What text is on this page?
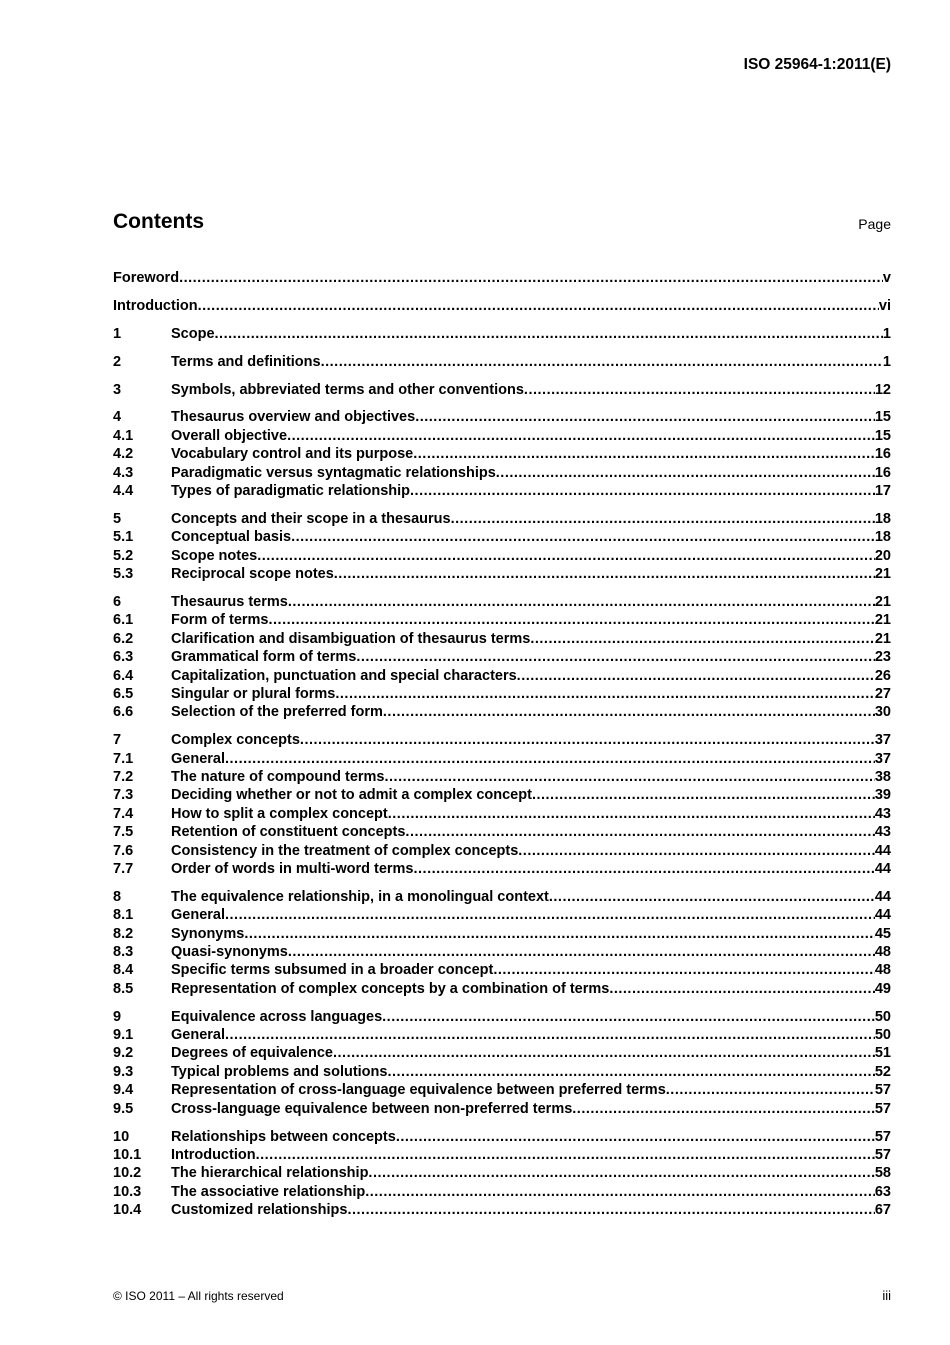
ISO 25964-1:2011(E)
Contents	Page
Foreword .....	v
Introduction .....	vi
1	Scope .....	1
2	Terms and definitions .....	1
3	Symbols, abbreviated terms and other conventions .....	12
4	Thesaurus overview and objectives .....	15
4.1	Overall objective .....	15
4.2	Vocabulary control and its purpose .....	16
4.3	Paradigmatic versus syntagmatic relationships .....	16
4.4	Types of paradigmatic relationship .....	17
5	Concepts and their scope in a thesaurus .....	18
5.1	Conceptual basis .....	18
5.2	Scope notes .....	20
5.3	Reciprocal scope notes .....	21
6	Thesaurus terms .....	21
6.1	Form of terms .....	21
6.2	Clarification and disambiguation of thesaurus terms .....	21
6.3	Grammatical form of terms .....	23
6.4	Capitalization, punctuation and special characters .....	26
6.5	Singular or plural forms .....	27
6.6	Selection of the preferred form .....	30
7	Complex concepts .....	37
7.1	General .....	37
7.2	The nature of compound terms .....	38
7.3	Deciding whether or not to admit a complex concept .....	39
7.4	How to split a complex concept .....	43
7.5	Retention of constituent concepts .....	43
7.6	Consistency in the treatment of complex concepts .....	44
7.7	Order of words in multi-word terms .....	44
8	The equivalence relationship, in a monolingual context .....	44
8.1	General .....	44
8.2	Synonyms .....	45
8.3	Quasi-synonyms .....	48
8.4	Specific terms subsumed in a broader concept .....	48
8.5	Representation of complex concepts by a combination of terms .....	49
9	Equivalence across languages .....	50
9.1	General .....	50
9.2	Degrees of equivalence .....	51
9.3	Typical problems and solutions .....	52
9.4	Representation of cross-language equivalence between preferred terms .....	57
9.5	Cross-language equivalence between non-preferred terms .....	57
10	Relationships between concepts .....	57
10.1	Introduction .....	57
10.2	The hierarchical relationship .....	58
10.3	The associative relationship .....	63
10.4	Customized relationships .....	67
© ISO 2011 – All rights reserved	iii
